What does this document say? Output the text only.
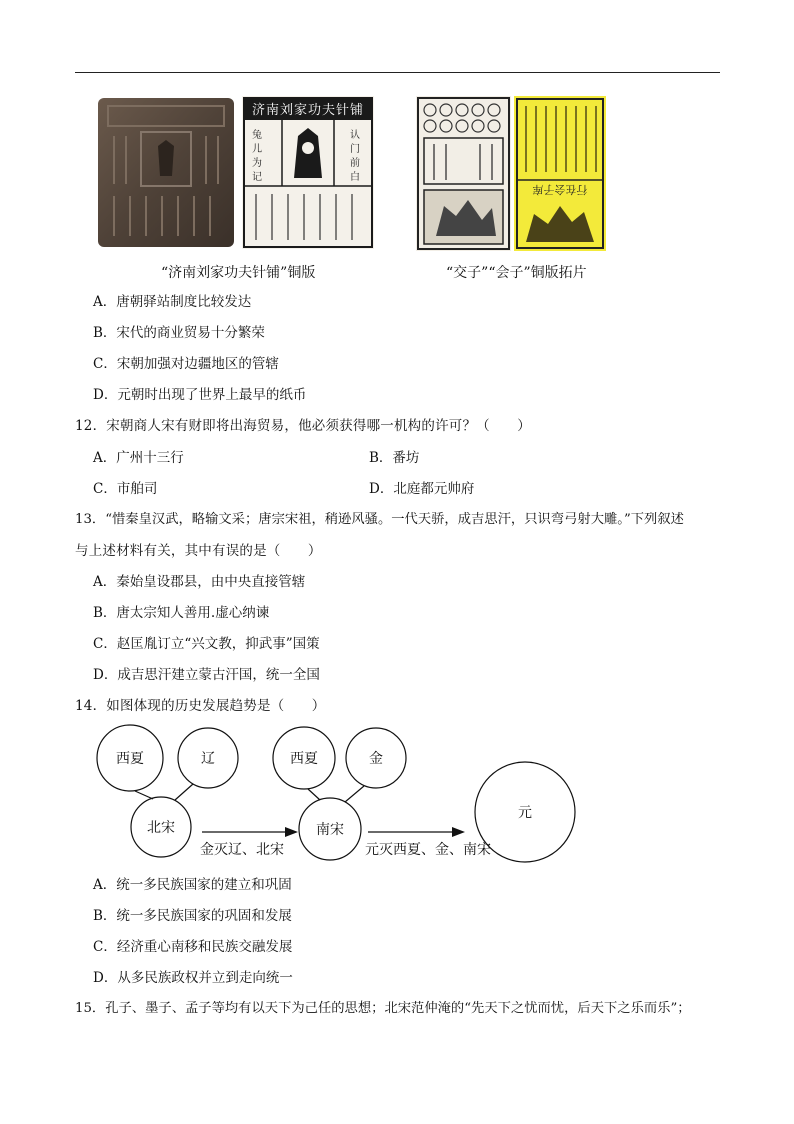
济南刘家功夫针铺
兔
儿
为
记
认
门
前
白
“济南刘家功夫针铺”铜版
行在会子库
“交子”“会子”铜版拓片
A．唐朝驿站制度比较发达
B．宋代的商业贸易十分繁荣
C．宋朝加强对边疆地区的管辖
D．元朝时出现了世界上最早的纸币
12．宋朝商人宋有财即将出海贸易，他必须获得哪一机构的许可？（　　）
A．广州十三行	B．番坊
C．市舶司	D．北庭都元帅府
13．“惜秦皇汉武，略输文采；唐宗宋祖，稍逊风骚。一代天骄，成吉思汗，只识弯弓射大雕。”下列叙述
与上述材料有关，其中有误的是（　　）
A．秦始皇设郡县，由中央直接管辖
B．唐太宗知人善用.虚心纳谏
C．赵匡胤订立“兴文教，抑武事”国策
D．成吉思汗建立蒙古汗国，统一全国
14．如图体现的历史发展趋势是（　　）
西夏	辽
北宋
西夏	金
南宋
元
金灭辽、北宋	元灭西夏、金、南宋
A．统一多民族国家的建立和巩固
B．统一多民族国家的巩固和发展
C．经济重心南移和民族交融发展
D．从多民族政权并立到走向统一
15．孔子、墨子、孟子等均有以天下为己任的思想；北宋范仲淹的“先天下之忧而忧，后天下之乐而乐”；
